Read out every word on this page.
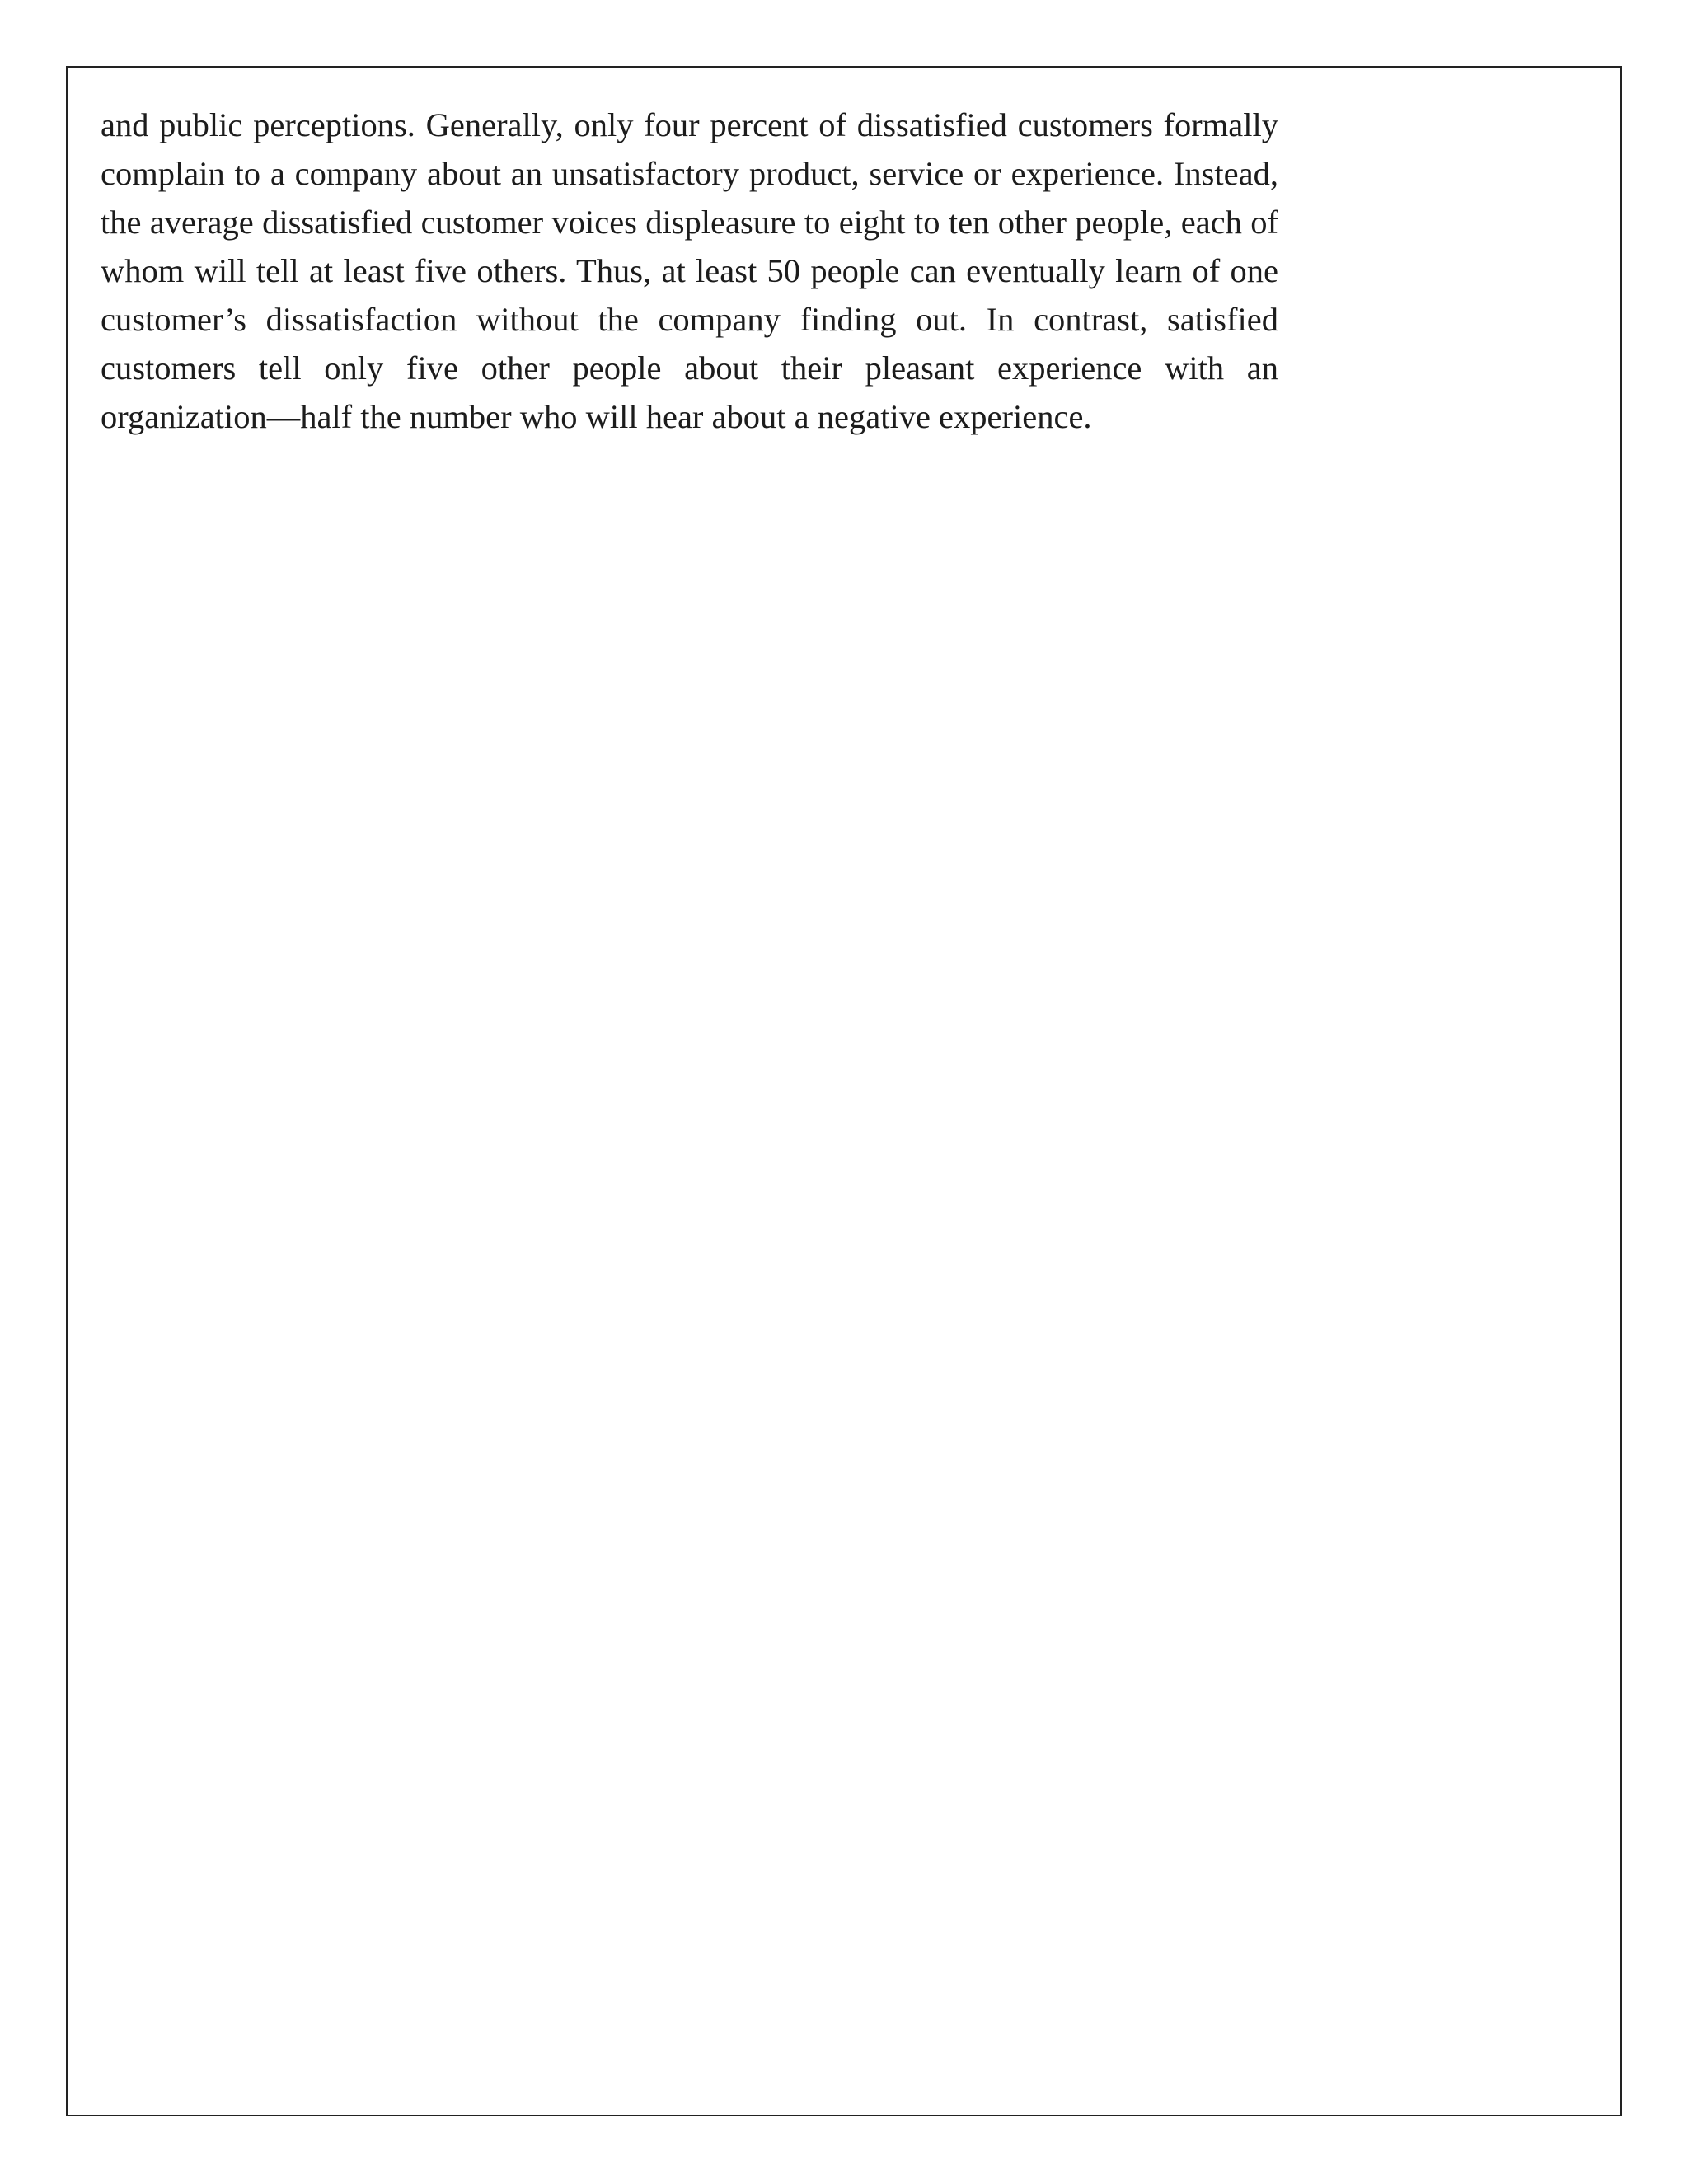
and public perceptions. Generally, only four percent of dissatisfied customers formally complain to a company about an unsatisfactory product, service or experience. Instead, the average dissatisfied customer voices displeasure to eight to ten other people, each of whom will tell at least five others. Thus, at least 50 people can eventually learn of one customer’s dissatisfaction without the company finding out. In contrast, satisfied customers tell only five other people about their pleasant experience with an organization—half the number who will hear about a negative experience.
